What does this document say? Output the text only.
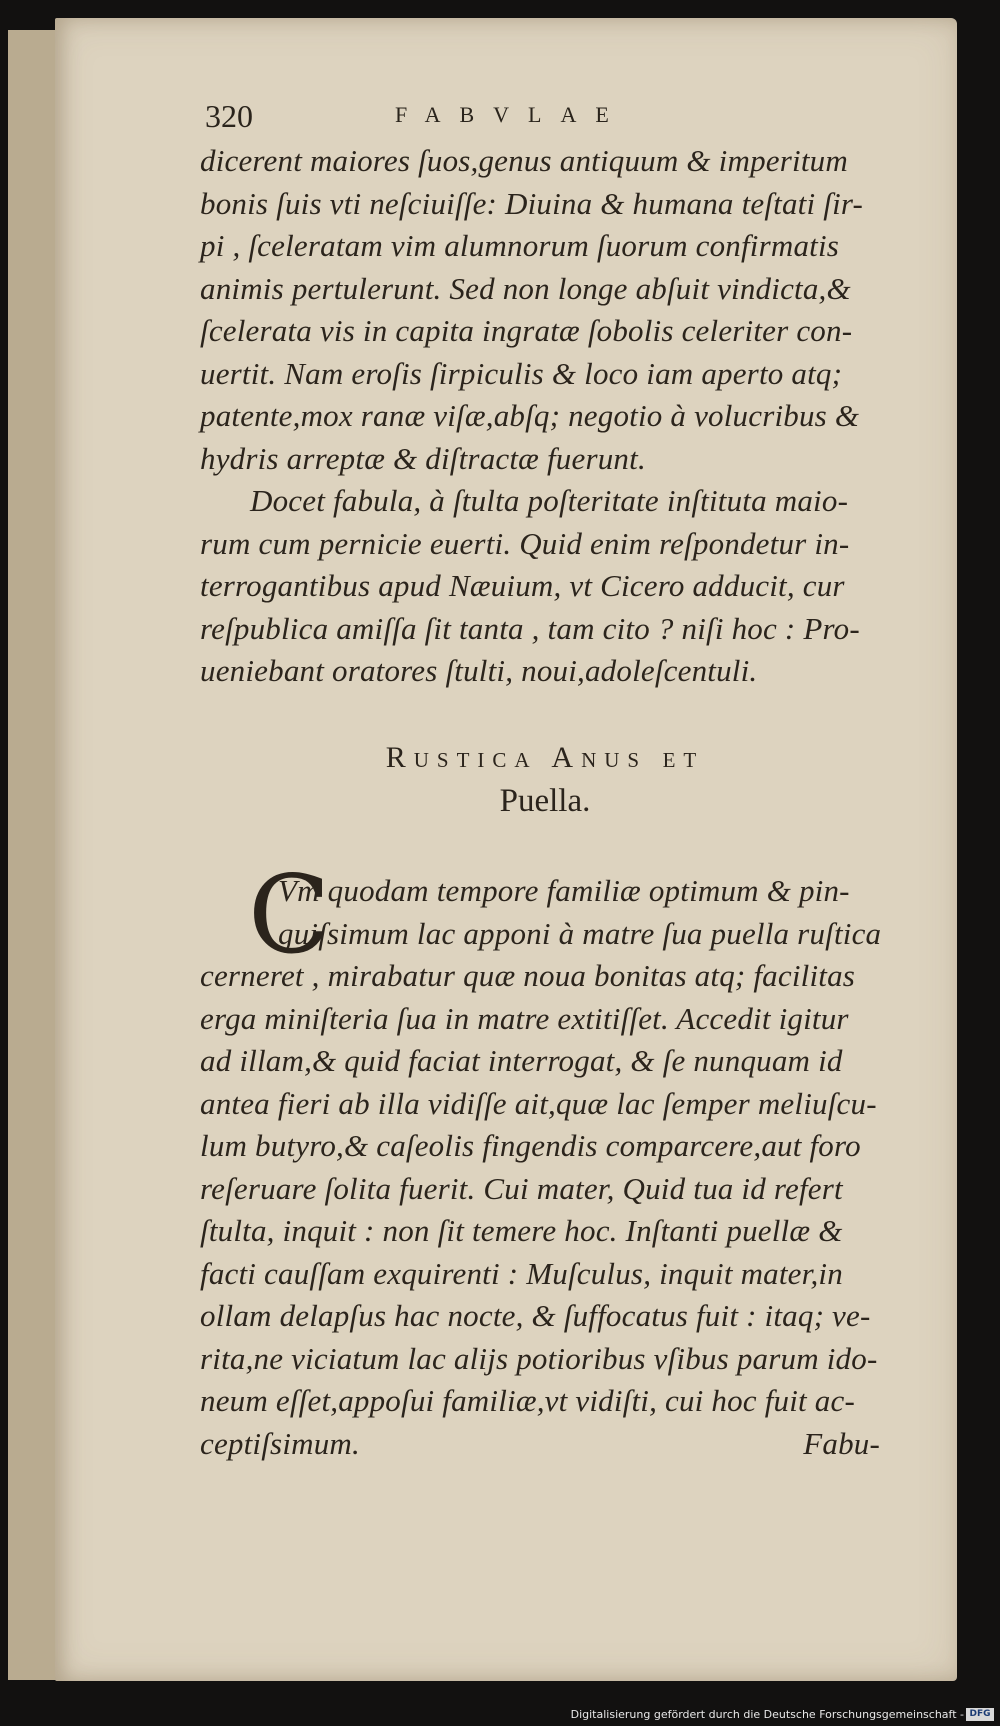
320	FABVLAE
dicerent maiores ſuos,genus antiquum & imperitum
bonis ſuis vti neſciuiſſe: Diuina & humana teſtati ſir-
pi , ſceleratam vim alumnorum ſuorum confirmatis
animis pertulerunt. Sed non longe abſuit vindicta,&
ſcelerata vis in capita ingratæ ſobolis celeriter con-
uertit. Nam eroſis ſirpiculis & loco iam aperto atq;
patente,mox ranæ viſæ,abſq; negotio à volucribus &
hydris arreptæ & diſtractæ fuerunt.
Docet fabula, à ſtulta poſteritate inſtituta maio-
rum cum pernicie euerti. Quid enim reſpondetur in-
terrogantibus apud Næuium, vt Cicero adducit, cur
reſpublica amiſſa ſit tanta , tam cito ? niſi hoc : Pro-
ueniebant oratores ſtulti, noui,adoleſcentuli.
Rustica Anus et
Puella.
C
Vm quodam tempore familiæ optimum & pin-
guiſsimum lac apponi à matre ſua puella ruſtica
cerneret , mirabatur quæ noua bonitas atq; facilitas
erga miniſteria ſua in matre extitiſſet. Accedit igitur
ad illam,& quid faciat interrogat, & ſe nunquam id
antea fieri ab illa vidiſſe ait,quæ lac ſemper meliuſcu-
lum butyro,& caſeolis fingendis comparcere,aut foro
reſeruare ſolita fuerit. Cui mater, Quid tua id refert
ſtulta, inquit : non ſit temere hoc. Inſtanti puellæ &
facti cauſſam exquirenti : Muſculus, inquit mater,in
ollam delapſus hac nocte, & ſuffocatus fuit : itaq; ve-
rita,ne viciatum lac alijs potioribus vſibus parum ido-
neum eſſet,appoſui familiæ,vt vidiſti, cui hoc fuit ac-
ceptiſsimum.	Fabu-
Digitalisierung gefördert durch die Deutsche Forschungsgemeinschaft - DFG
